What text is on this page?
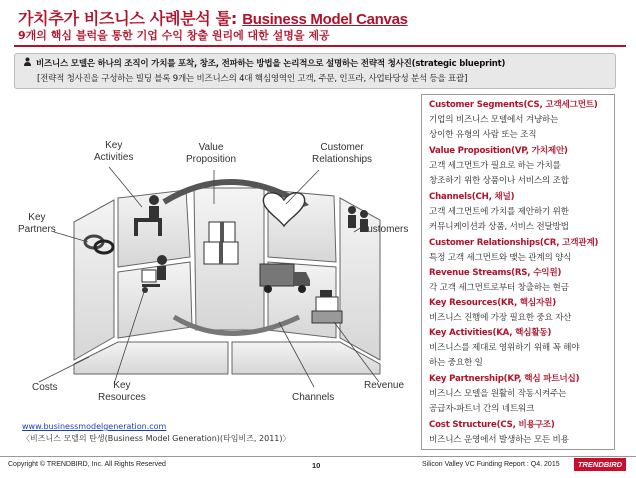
가치추가 비즈니스 사례분석 툴: Business Model Canvas
9개의 핵심 블럭을 통한 기업 수익 창출 원리에 대한 설명을 제공
비즈니스 모델은 하나의 조직이 가치를 포착, 창조, 전파하는 방법을 논리적으로 설명하는 전략적 청사진(strategic blueprint)
[전략적 청사진을 구성하는 빌딩 블록 9개는 비즈니스의 4대 핵심영역인 고객, 주문, 인프라, 사업타당성 분석 등을 표괄]
Key
Activities
Value
Proposition
Customer
Relationships
Key
Partners	Customers
Costs	Key
Resources	Channels
Revenue
Customer Segments(CS, 고객세그먼트)
기업의 비즈니스 모델에서 겨냥하는
상이한 유형의 사람 또는 조직
Value Proposition(VP, 가치제안)
고객 세그먼트가 필요로 하는 가치를
창조하기 위한 상품이나 서비스의 조합
Channels(CH, 채널)
고객 세그먼트에 가치를 제안하기 위한
커뮤니케이션과 상품, 서비스 전달방법
Customer Relationships(CR, 고객관계)
특정 고객 세그먼트와 맺는 관계의 양식
Revenue Streams(RS, 수익원)
각 고객 세그먼트로부터 창출하는 현금
Key Resources(KR, 핵심자원)
비즈니스 진행에 가장 필요한 중요 자산
Key Activities(KA, 핵심활동)
비즈니스를 제대로 영위하기 위해 꼭 해야
하는 중요한 일
Key Partnership(KP, 핵심 파트너십)
비즈니스 모델을 원활히 작동시켜주는
공급자-파트너 간의 네트워크
Cost Structure(CS, 비용구조)
비즈니스 운영에서 발생하는 모든 비용
www.businessmodelgeneration.com
〈비즈니스 모델의 탄생(Business Model Generation)(타임비즈, 2011)〉
Copyright © TRENDBIRD, Inc. All Rights Reserved	10	Silicon Valley VC Funding Report : Q4. 2015	TRENDBIRD
